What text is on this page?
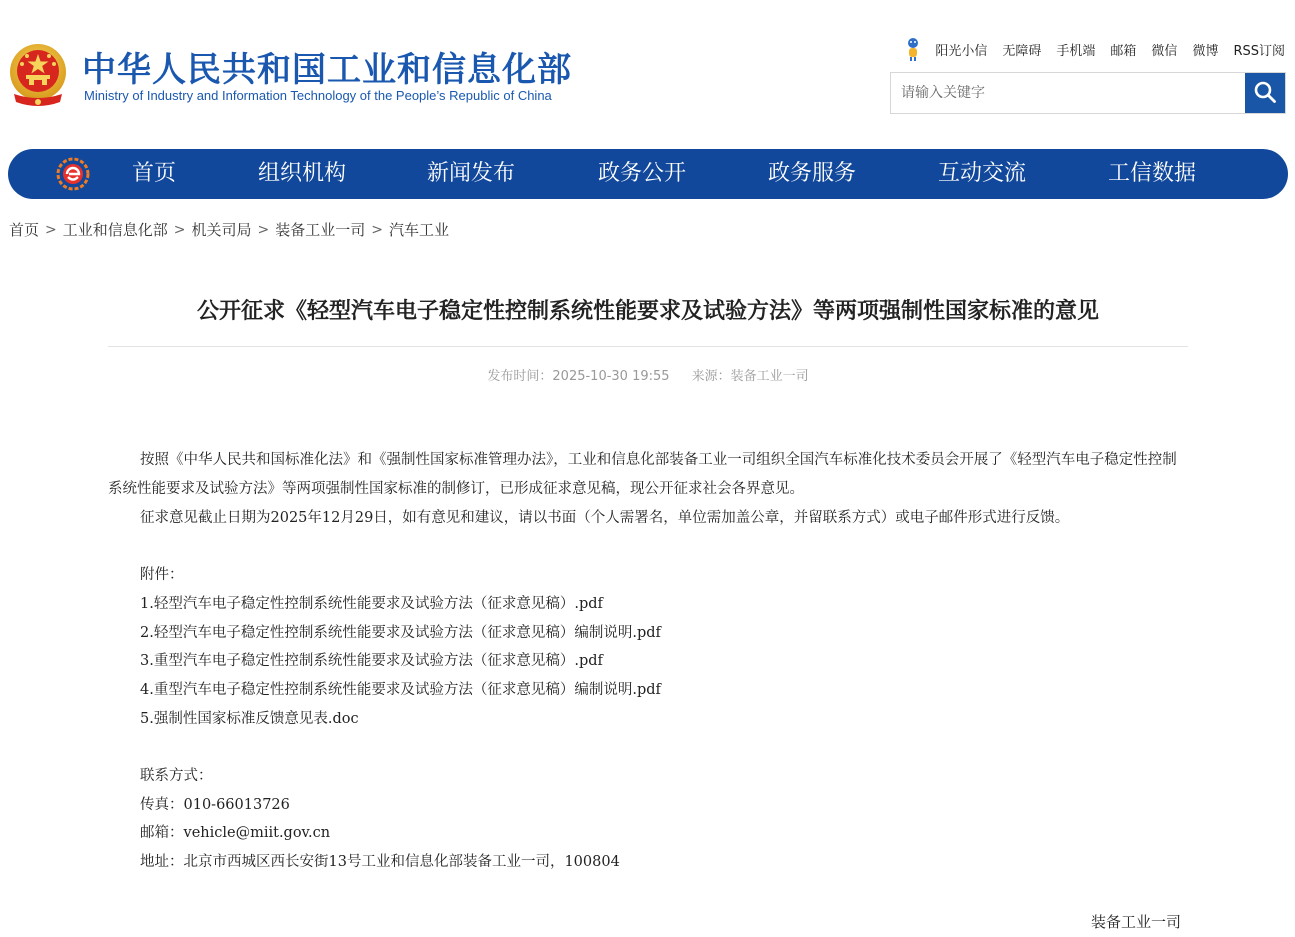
中华人民共和国工业和信息化部
Ministry of Industry and Information Technology of the People’s Republic of China
阳光小信 无障碍 手机端 邮箱 微信 微博 RSS订阅
请输入关键字
首页	组织机构	新闻发布	政务公开	政务服务	互动交流	工信数据
首页 > 工业和信息化部 > 机关司局 > 装备工业一司 > 汽车工业
公开征求《轻型汽车电子稳定性控制系统性能要求及试验方法》等两项强制性国家标准的意见
发布时间：2025-10-30 19:55 来源：装备工业一司
按照《中华人民共和国标准化法》和《强制性国家标准管理办法》，工业和信息化部装备工业一司组织全国汽车标准化技术委员会开展了《轻型汽车电子稳定性控制系统性能要求及试验方法》等两项强制性国家标准的制修订，已形成征求意见稿，现公开征求社会各界意见。
征求意见截止日期为2025年12月29日，如有意见和建议，请以书面（个人需署名，单位需加盖公章，并留联系方式）或电子邮件形式进行反馈。
附件：
1.轻型汽车电子稳定性控制系统性能要求及试验方法（征求意见稿）.pdf
2.轻型汽车电子稳定性控制系统性能要求及试验方法（征求意见稿）编制说明.pdf
3.重型汽车电子稳定性控制系统性能要求及试验方法（征求意见稿）.pdf
4.重型汽车电子稳定性控制系统性能要求及试验方法（征求意见稿）编制说明.pdf
5.强制性国家标准反馈意见表.doc
联系方式：
传真：010-66013726
邮箱：vehicle@miit.gov.cn
地址：北京市西城区西长安街13号工业和信息化部装备工业一司，100804
装备工业一司
